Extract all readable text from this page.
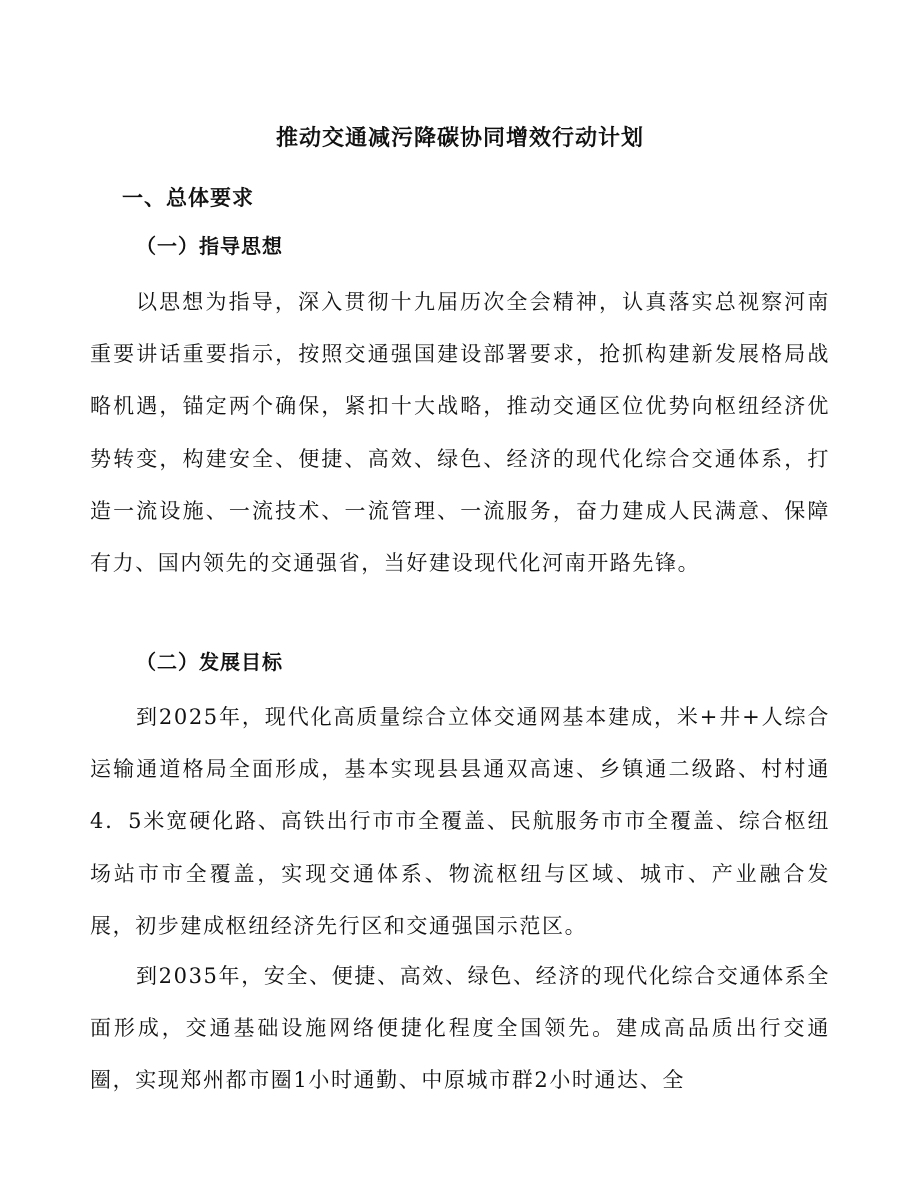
推动交通减污降碳协同增效行动计划
一、总体要求
（一）指导思想

以思想为指导，深入贯彻十九届历次全会精神，认真落实总视察河南重要讲话重要指示，按照交通强国建设部署要求，抢抓构建新发展格局战略机遇，锚定两个确保，紧扣十大战略，推动交通区位优势向枢纽经济优势转变，构建安全、便捷、高效、绿色、经济的现代化综合交通体系，打造一流设施、一流技术、一流管理、一流服务，奋力建成人民满意、保障有力、国内领先的交通强省，当好建设现代化河南开路先锋。

（二）发展目标

到2025年，现代化高质量综合立体交通网基本建成，米+井+人综合运输通道格局全面形成，基本实现县县通双高速、乡镇通二级路、村村通4．5米宽硬化路、高铁出行市市全覆盖、民航服务市市全覆盖、综合枢纽场站市市全覆盖，实现交通体系、物流枢纽与区域、城市、产业融合发展，初步建成枢纽经济先行区和交通强国示范区。

到2035年，安全、便捷、高效、绿色、经济的现代化综合交通体系全面形成，交通基础设施网络便捷化程度全国领先。建成高品质出行交通圈，实现郑州都市圈1小时通勤、中原城市群2小时通达、全
